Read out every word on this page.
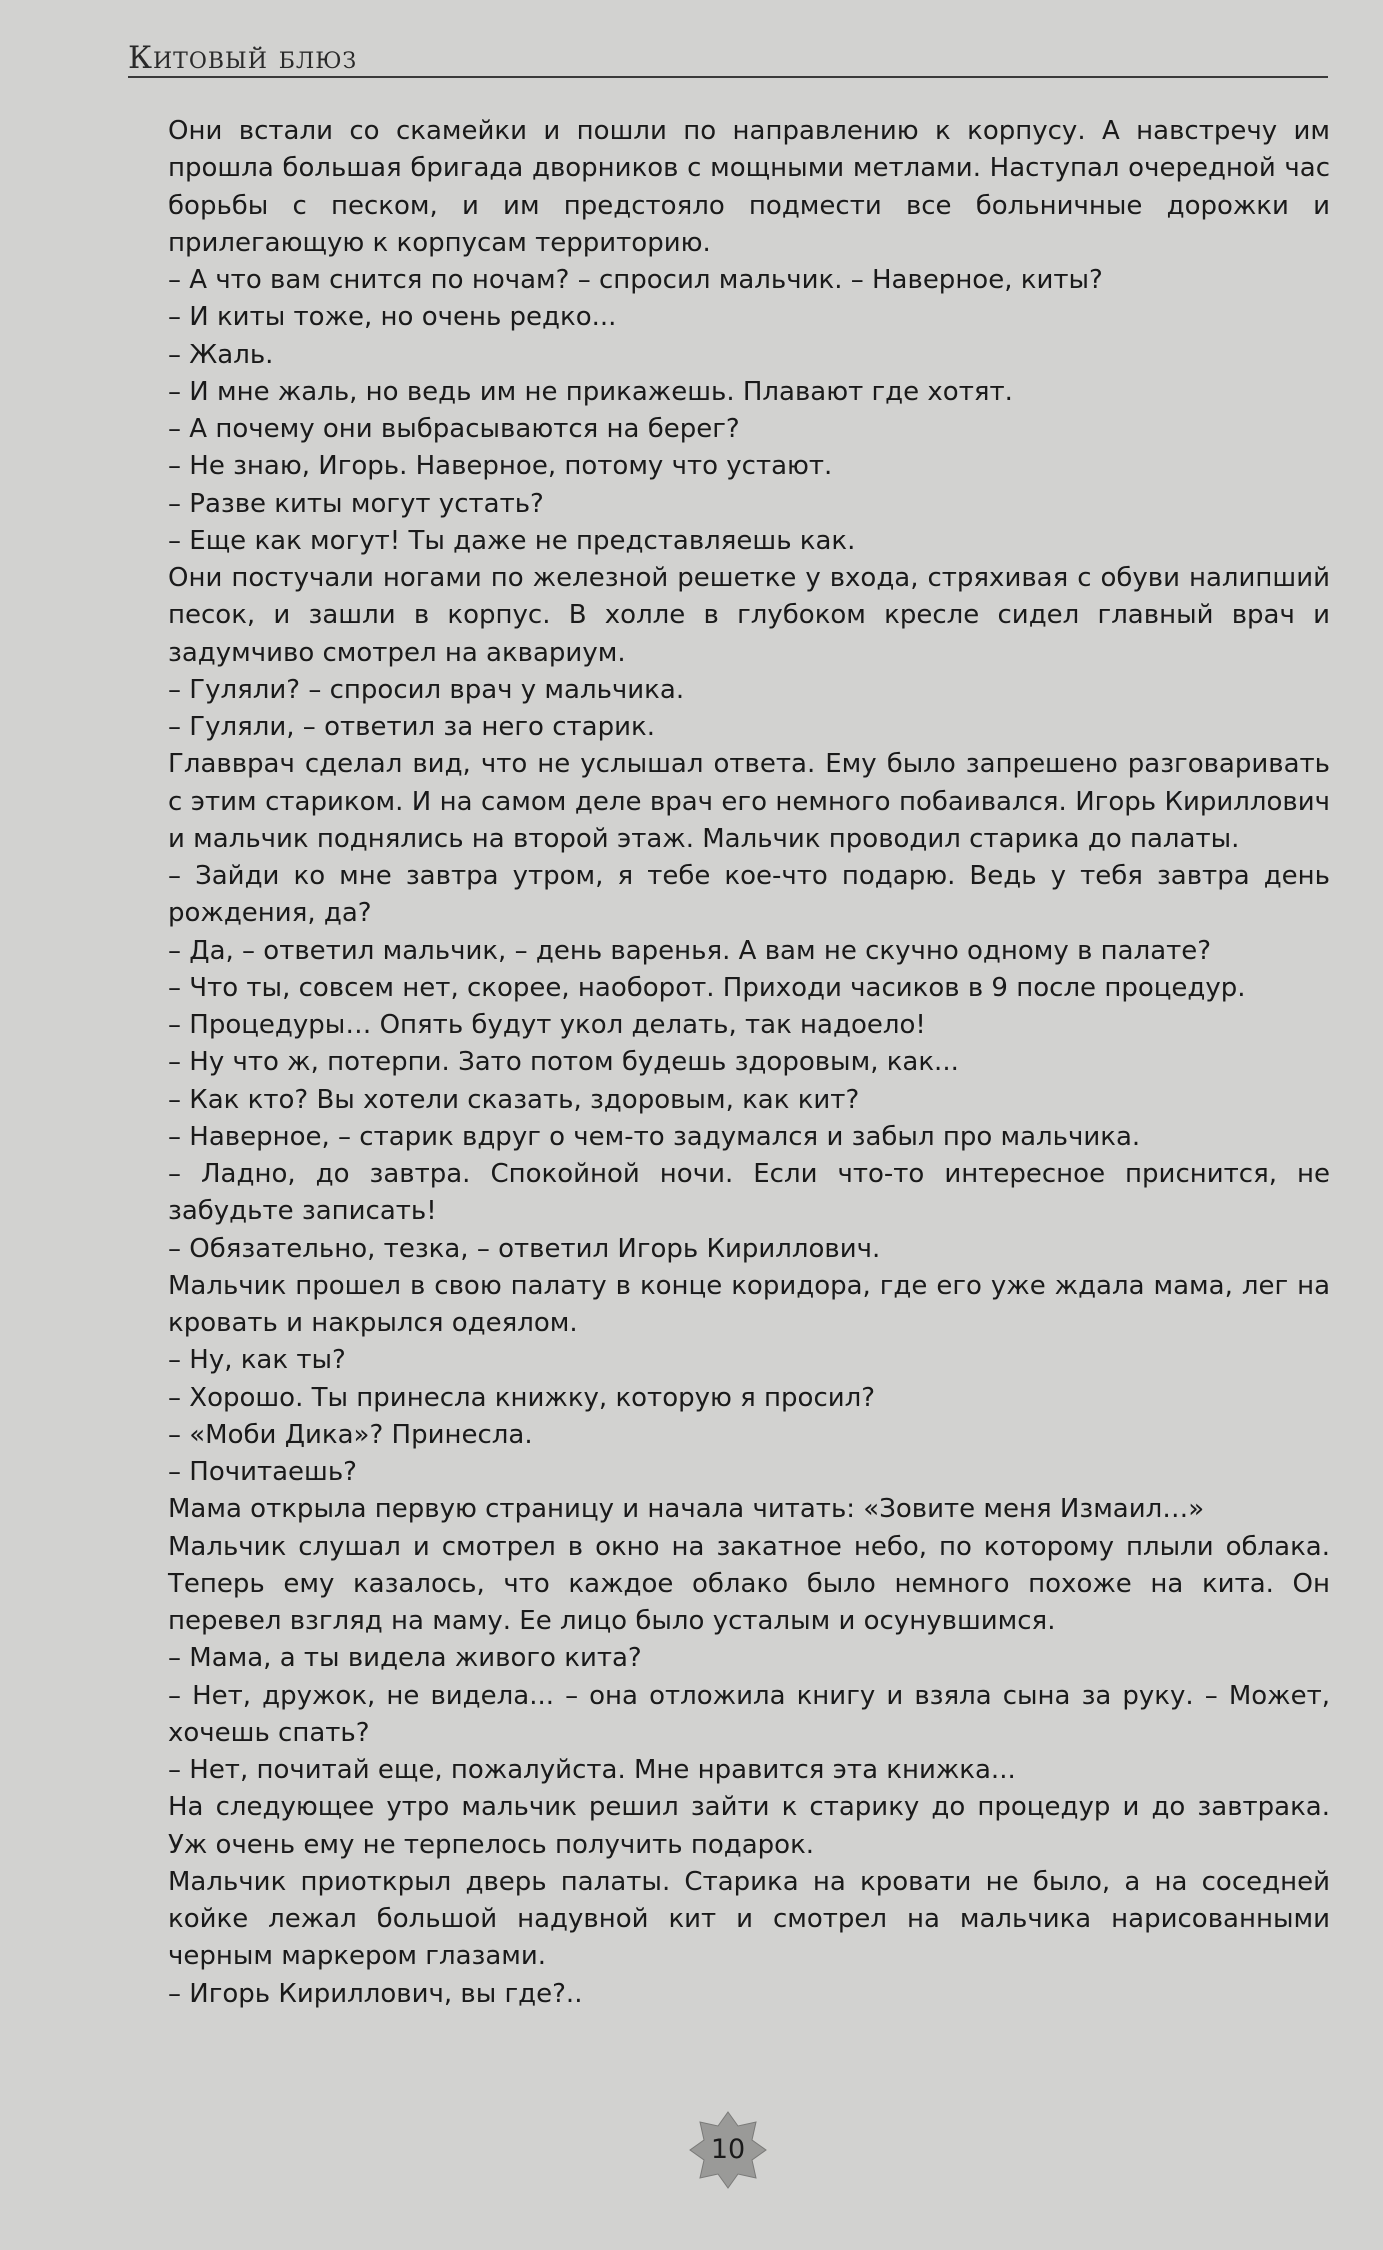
Китовый блюз

Они встали со скамейки и пошли по направлению к корпусу. А навстречу им прошла большая бригада дворников с мощными метлами. Наступал очередной час борьбы с песком, и им предстояло подмести все больничные дорожки и прилегающую к корпусам территорию.

– А что вам снится по ночам? – спросил мальчик. – Наверное, киты?

– И киты тоже, но очень редко...

– Жаль.

– И мне жаль, но ведь им не прикажешь. Плавают где хотят.

– А почему они выбрасываются на берег?

– Не знаю, Игорь. Наверное, потому что устают.

– Разве киты могут устать?

– Еще как могут! Ты даже не представляешь как.

Они постучали ногами по железной решетке у входа, стряхивая с обуви налипший песок, и зашли в корпус. В холле в глубоком кресле сидел главный врач и задумчиво смотрел на аквариум.

– Гуляли? – спросил врач у мальчика.

– Гуляли, – ответил за него старик.

Главврач сделал вид, что не услышал ответа. Ему было запрешено разговаривать с этим стариком. И на самом деле врач его немного побаивался. Игорь Кириллович и мальчик поднялись на второй этаж. Мальчик проводил старика до палаты.

– Зайди ко мне завтра утром, я тебе кое-что подарю. Ведь у тебя завтра день рождения, да?

– Да, – ответил мальчик, – день варенья. А вам не скучно одному в палате?

– Что ты, совсем нет, скорее, наоборот. Приходи часиков в 9 после процедур.

– Процедуры… Опять будут укол делать, так надоело!

– Ну что ж, потерпи. Зато потом будешь здоровым, как...

– Как кто? Вы хотели сказать, здоровым, как кит?

– Наверное, – старик вдруг о чем-то задумался и забыл про мальчика.

– Ладно, до завтра. Спокойной ночи. Если что-то интересное приснится, не забудьте записать!

– Обязательно, тезка, – ответил Игорь Кириллович.

Мальчик прошел в свою палату в конце коридора, где его уже ждала мама, лег на кровать и накрылся одеялом.

– Ну, как ты?

– Хорошо. Ты принесла книжку, которую я просил?

– «Моби Дика»? Принесла.

– Почитаешь?

Мама открыла первую страницу и начала читать: «Зовите меня Измаил…»

Мальчик слушал и смотрел в окно на закатное небо, по которому плыли облака. Теперь ему казалось, что каждое облако было немного похоже на кита. Он перевел взгляд на маму. Ее лицо было усталым и осунувшимся.

– Мама, а ты видела живого кита?

– Нет, дружок, не видела... – она отложила книгу и взяла сына за руку. – Может, хочешь спать?

– Нет, почитай еще, пожалуйста. Мне нравится эта книжка...

На следующее утро мальчик решил зайти к старику до процедур и до завтрака. Уж очень ему не терпелось получить подарок.

Мальчик приоткрыл дверь палаты. Старика на кровати не было, а на соседней койке лежал большой надувной кит и смотрел на мальчика нарисованными черным маркером глазами.

– Игорь Кириллович, вы где?..

10
